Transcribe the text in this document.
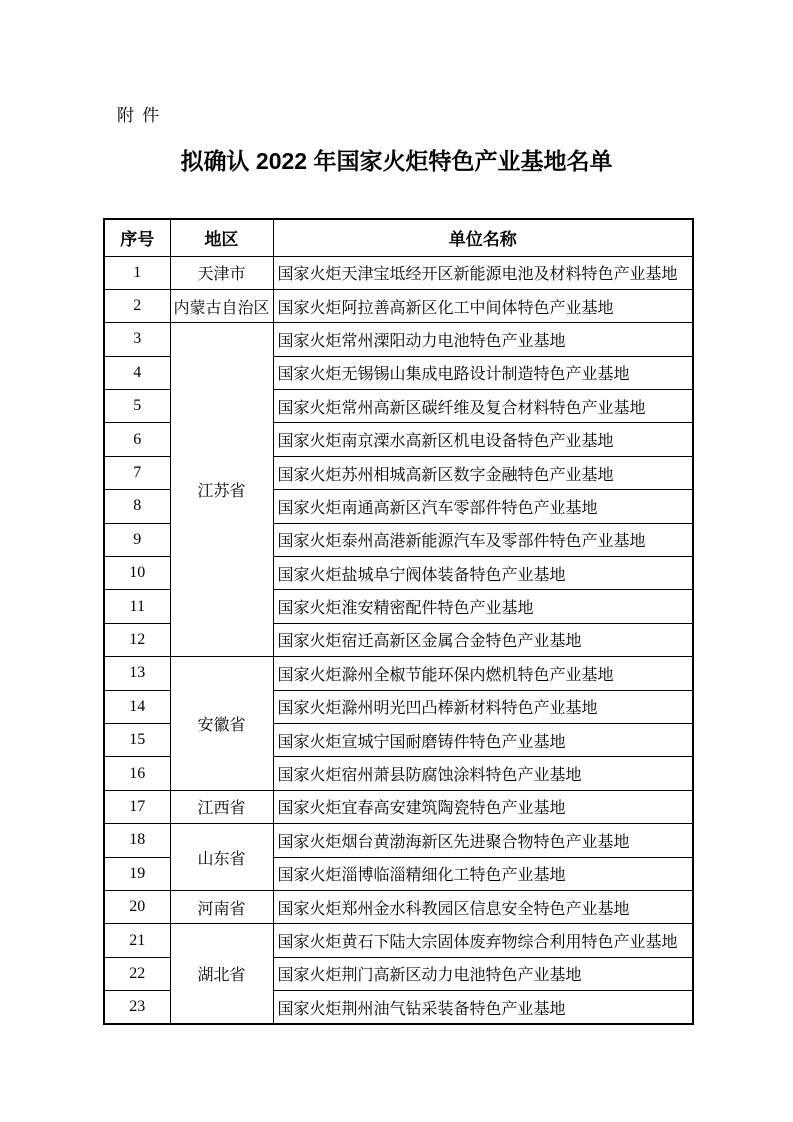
附 件
拟确认 2022 年国家火炬特色产业基地名单
序号	地区	单位名称
1	天津市	国家火炬天津宝坻经开区新能源电池及材料特色产业基地
2	内蒙古自治区	国家火炬阿拉善高新区化工中间体特色产业基地
3	江苏省	国家火炬常州溧阳动力电池特色产业基地
4		国家火炬无锡锡山集成电路设计制造特色产业基地
5		国家火炬常州高新区碳纤维及复合材料特色产业基地
6		国家火炬南京溧水高新区机电设备特色产业基地
7		国家火炬苏州相城高新区数字金融特色产业基地
8		国家火炬南通高新区汽车零部件特色产业基地
9		国家火炬泰州高港新能源汽车及零部件特色产业基地
10		国家火炬盐城阜宁阀体装备特色产业基地
11		国家火炬淮安精密配件特色产业基地
12		国家火炬宿迁高新区金属合金特色产业基地
13	安徽省	国家火炬滁州全椒节能环保内燃机特色产业基地
14		国家火炬滁州明光凹凸棒新材料特色产业基地
15		国家火炬宣城宁国耐磨铸件特色产业基地
16		国家火炬宿州萧县防腐蚀涂料特色产业基地
17	江西省	国家火炬宜春高安建筑陶瓷特色产业基地
18	山东省	国家火炬烟台黄渤海新区先进聚合物特色产业基地
19		国家火炬淄博临淄精细化工特色产业基地
20	河南省	国家火炬郑州金水科教园区信息安全特色产业基地
21	湖北省	国家火炬黄石下陆大宗固体废弃物综合利用特色产业基地
22		国家火炬荆门高新区动力电池特色产业基地
23		国家火炬荆州油气钻采装备特色产业基地
